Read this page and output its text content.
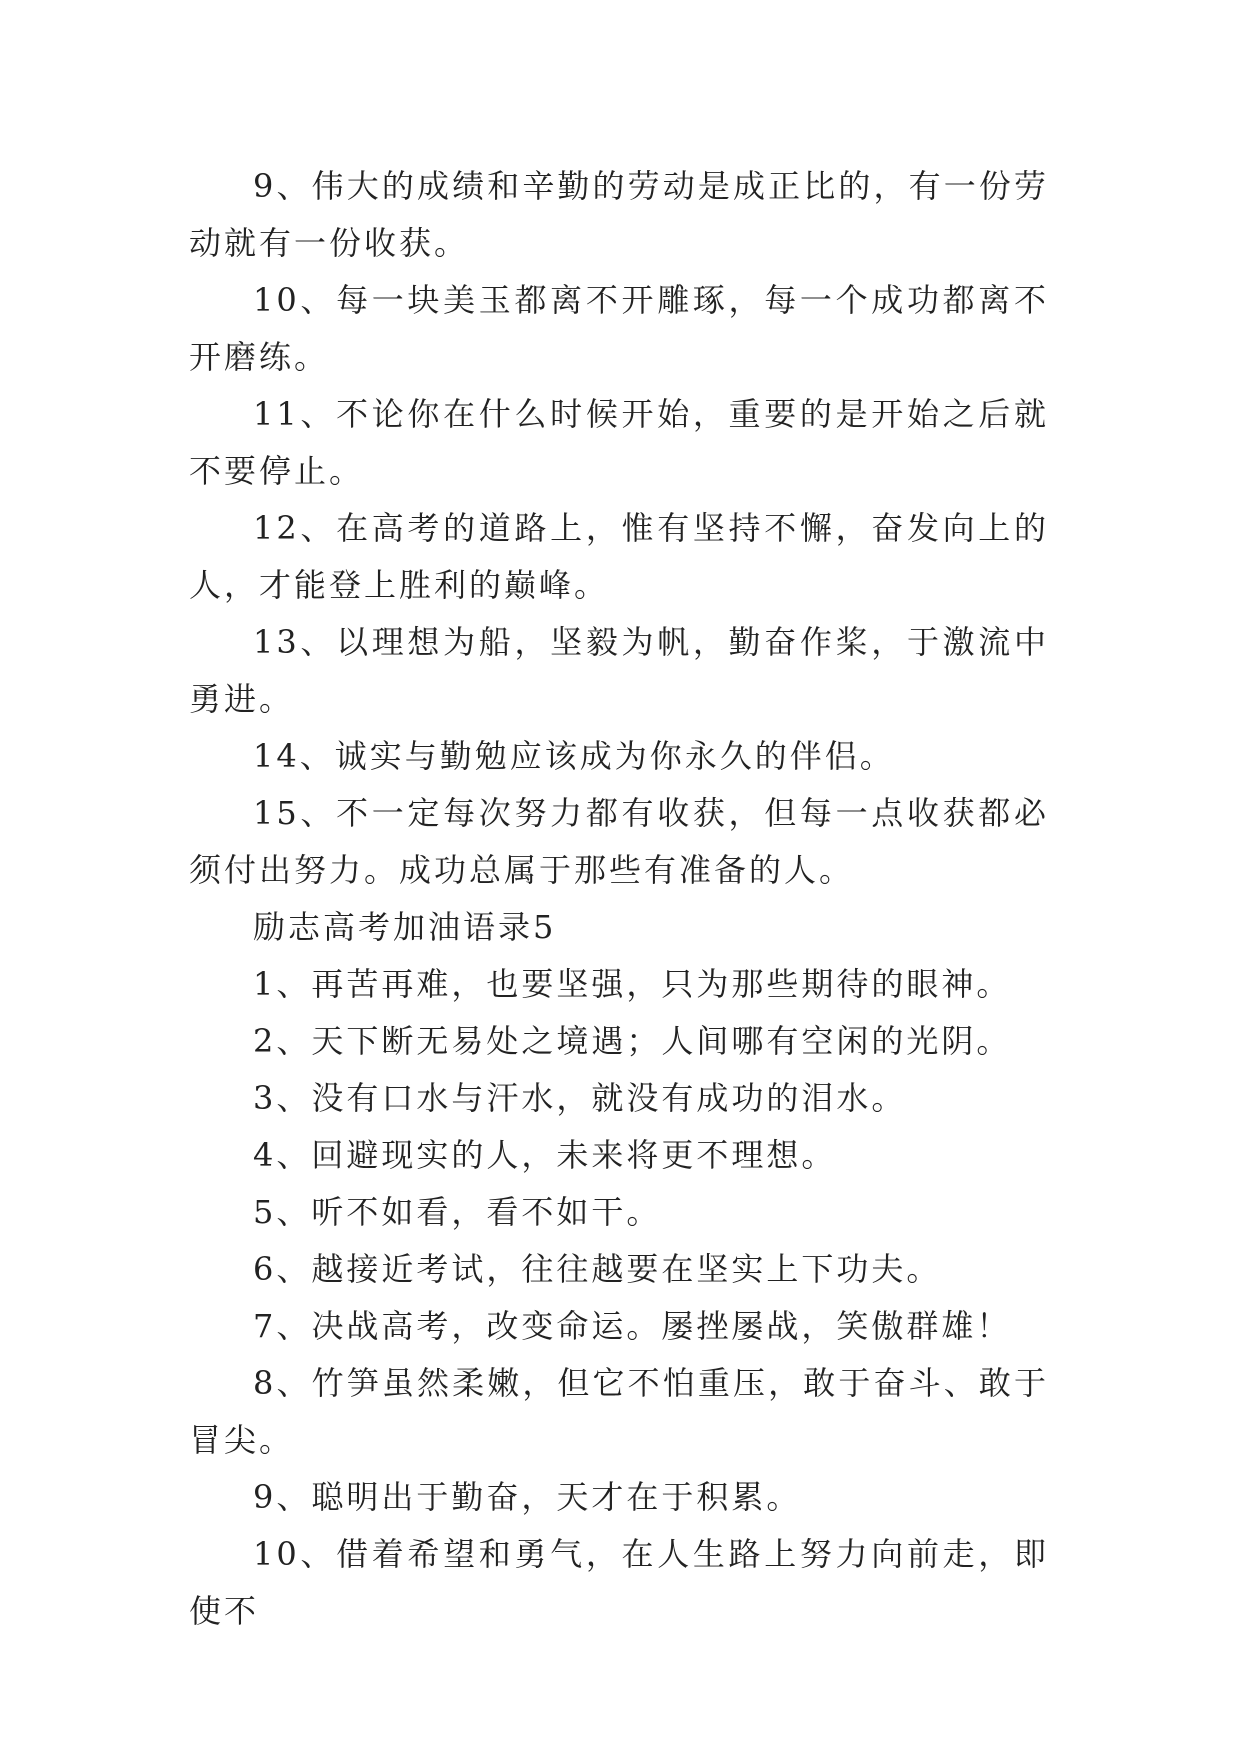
9、伟大的成绩和辛勤的劳动是成正比的，有一份劳动就有一份收获。

10、每一块美玉都离不开雕琢，每一个成功都离不开磨练。

11、不论你在什么时候开始，重要的是开始之后就不要停止。

12、在高考的道路上，惟有坚持不懈，奋发向上的人，才能登上胜利的巅峰。

13、以理想为船，坚毅为帆，勤奋作桨，于激流中勇进。

14、诚实与勤勉应该成为你永久的伴侣。

15、不一定每次努力都有收获，但每一点收获都必须付出努力。成功总属于那些有准备的人。

励志高考加油语录5

1、再苦再难，也要坚强，只为那些期待的眼神。

2、天下断无易处之境遇；人间哪有空闲的光阴。

3、没有口水与汗水，就没有成功的泪水。

4、回避现实的人，未来将更不理想。

5、听不如看，看不如干。

6、越接近考试，往往越要在坚实上下功夫。

7、决战高考，改变命运。屡挫屡战，笑傲群雄！

8、竹笋虽然柔嫩，但它不怕重压，敢于奋斗、敢于冒尖。

9、聪明出于勤奋，天才在于积累。

10、借着希望和勇气，在人生路上努力向前走，即使不
